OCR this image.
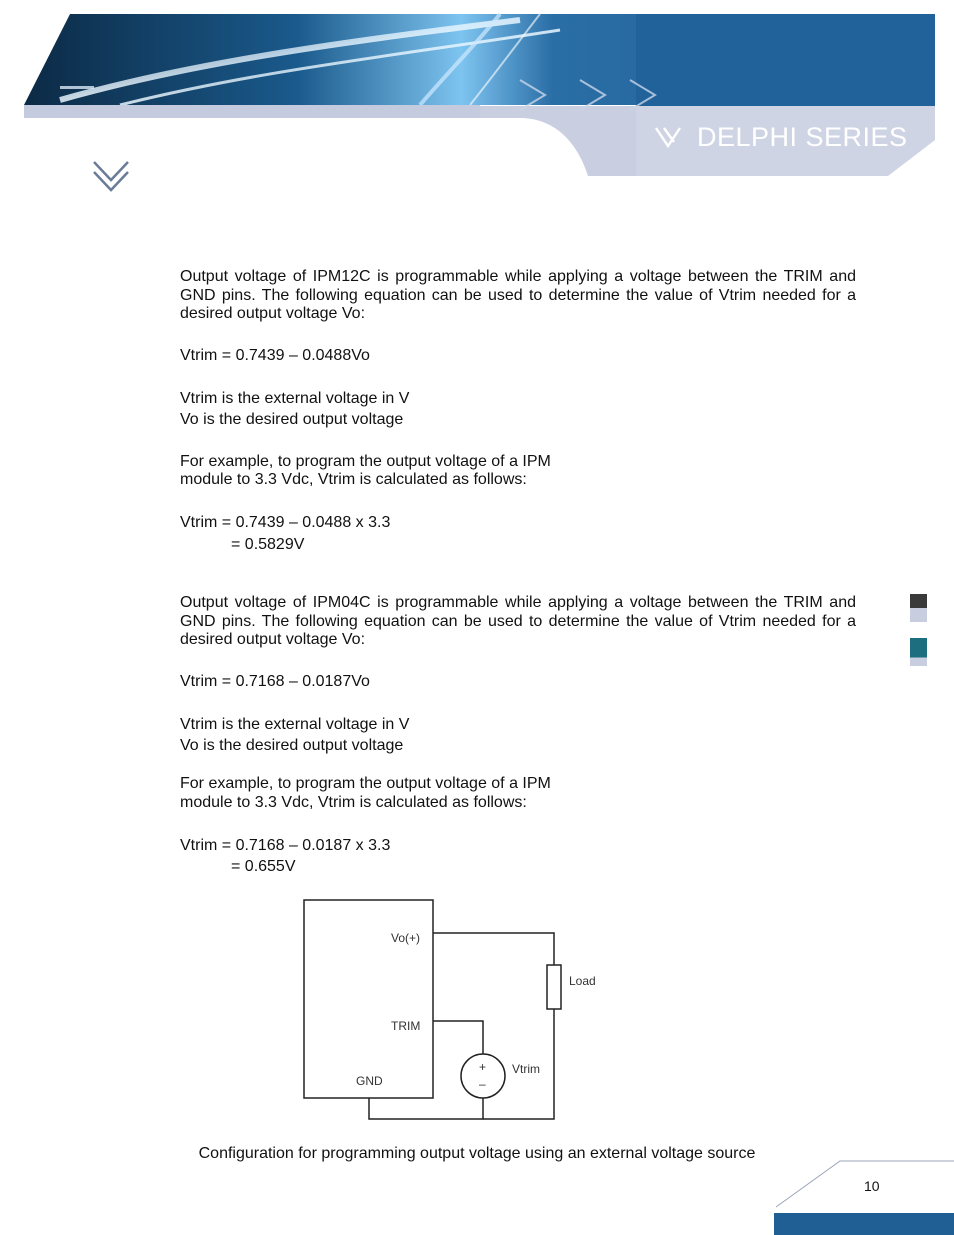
DELPHI SERIES

Output voltage of IPM12C is programmable while applying a voltage between the TRIM and GND pins. The following equation can be used to determine the value of Vtrim needed for a desired output voltage Vo:

Vtrim = 0.7439 – 0.0488Vo

Vtrim is the external voltage in V

Vo is the desired output voltage

For example, to program the output voltage of a IPM

module to 3.3 Vdc, Vtrim is calculated as follows:

Vtrim = 0.7439 – 0.0488 x 3.3

= 0.5829V

Output voltage of IPM04C is programmable while applying a voltage between the TRIM and GND pins. The following equation can be used to determine the value of Vtrim needed for a desired output voltage Vo:

Vtrim = 0.7168 – 0.0187Vo

Vtrim is the external voltage in V

Vo is the desired output voltage

For example, to program the output voltage of a IPM

module to 3.3 Vdc, Vtrim is calculated as follows:

Vtrim = 0.7168 – 0.0187 x 3.3

= 0.655V

Vo(+)
TRIM
GND
Load
+
–
Vtrim

Configuration for programming output voltage using an external voltage source

10
